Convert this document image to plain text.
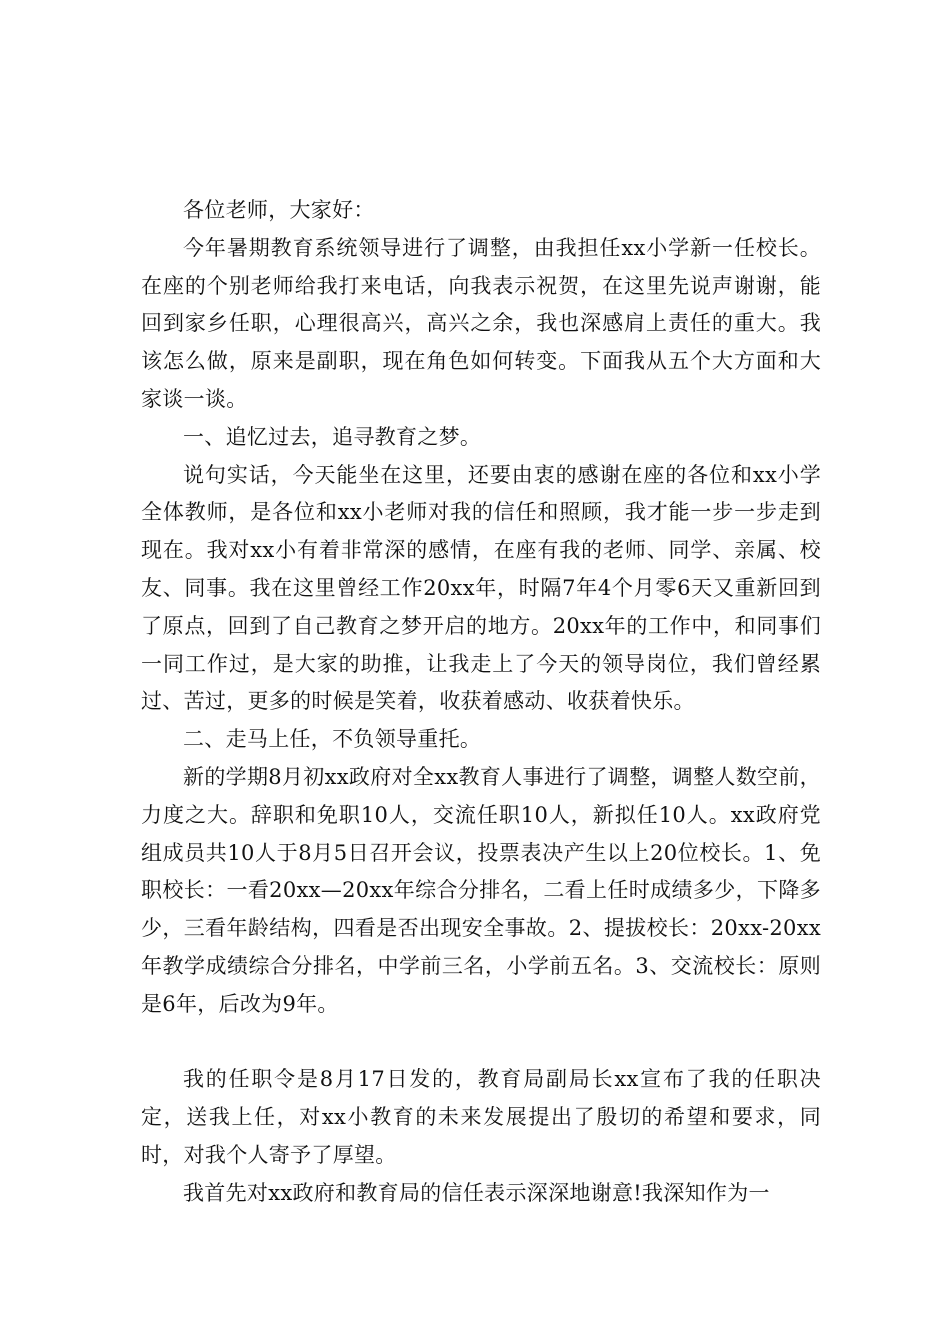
各位老师，大家好：

今年暑期教育系统领导进行了调整，由我担任xx小学新一任校长。在座的个别老师给我打来电话，向我表示祝贺，在这里先说声谢谢，能回到家乡任职，心理很高兴，高兴之余，我也深感肩上责任的重大。我该怎么做，原来是副职，现在角色如何转变。下面我从五个大方面和大家谈一谈。

一、追忆过去，追寻教育之梦。

说句实话，今天能坐在这里，还要由衷的感谢在座的各位和xx小学全体教师，是各位和xx小老师对我的信任和照顾，我才能一步一步走到现在。我对xx小有着非常深的感情，在座有我的老师、同学、亲属、校友、同事。我在这里曾经工作20xx年，时隔7年4个月零6天又重新回到了原点，回到了自己教育之梦开启的地方。20xx年的工作中，和同事们一同工作过，是大家的助推，让我走上了今天的领导岗位，我们曾经累过、苦过，更多的时候是笑着，收获着感动、收获着快乐。

二、走马上任，不负领导重托。

新的学期8月初xx政府对全xx教育人事进行了调整，调整人数空前，力度之大。辞职和免职10人，交流任职10人，新拟任10人。xx政府党组成员共10人于8月5日召开会议，投票表决产生以上20位校长。1、免职校长：一看20xx—20xx年综合分排名，二看上任时成绩多少，下降多少，三看年龄结构，四看是否出现安全事故。2、提拔校长：20xx-20xx年教学成绩综合分排名，中学前三名，小学前五名。3、交流校长：原则是6年，后改为9年。

我的任职令是8月17日发的，教育局副局长xx宣布了我的任职决定，送我上任，对xx小教育的未来发展提出了殷切的希望和要求，同时，对我个人寄予了厚望。

我首先对xx政府和教育局的信任表示深深地谢意!我深知作为一
